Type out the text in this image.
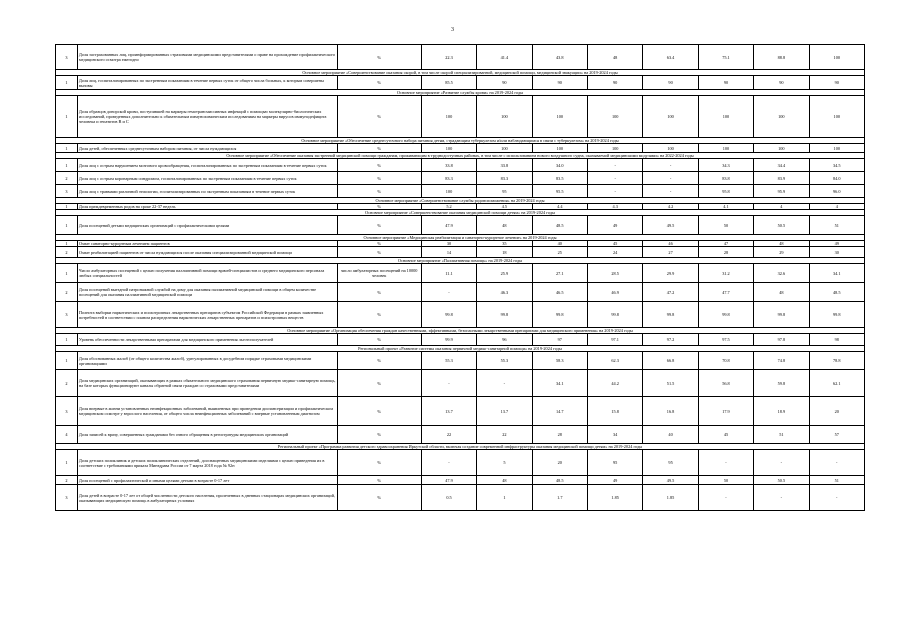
3
3	Доля застрахованных лиц, проинформированных страховыми медицинскими представителями о праве на прохождение профилактического медицинского осмотра ежегодно	%	22.3	41.4	43.8	48	63.4	75.1	88.8	100
Основное мероприятие «Совершенствование оказания скорой, в том числе скорой специализированной, медицинской помощи, медицинской эвакуации» на 2019-2024 годы										
1	Доля лиц, госпитализированных по экстренным показаниям в течение первых суток от общего числа больных, к которым совершены вызовы	%	85.5	90	90	90	90	90	90	90
Основное мероприятие «Развитие службы крови» на 2019-2024 годы										
1	Доля образцов донорской крови, поступившей на маркеры гемотрансмиссивных инфекций с помощью молекулярно-биологических исследований, проведенных дополнительно к обязательным иммунохимическим исследованиям на маркеры вирусов иммунодефицита человека и гепатитов В и С	%	100	100	100	100	100	100	100	100
Основное мероприятие «Обеспечение среднесуточного набора питания детям, страдающим туберкулезом и/или наблюдающимся в связи с туберкулезом» на 2019-2024 годы										
1	Доля детей, обеспеченных среднесуточным набором питания, от числа нуждающихся	%	100	100	100	100	100	100	100	100
Основное мероприятие «Обеспечение оказания экстренной медицинской помощи гражданам, проживающим в труднодоступных районах, в том числе с использованием нового воздушного судна, оказываемой медицинскими модулями» на 2022-2024 годы										
1	Доля лиц с острым нарушением мозгового кровообращения, госпитализированных по экстренным показаниям в течение первых суток	%	33.8	33.8	34.0	-	-	34.3	34.4	34.5
2	Доля лиц с острым коронарным синдромом, госпитализированных по экстренным показаниям в течение первых суток	%	83.3	83.3	83.5	-	-	83.8	83.9	84.0
3	Доля лиц с травмами различной этиологии, госпитализированных по экстренным показаниям в течение первых суток	%	100	95	95.5	-	-	95.8	95.9	96.0
Основное мероприятие «Совершенствование службы родовспоможения» на 2019-2024 годы										
1	Доля преждевременных родов на сроке 22-37 недель	%	5.2	4.5	4.4	4.3	4.2	4.1	4	4
Основное мероприятие «Совершенствование оказания медицинской помощи детям» на 2019-2024 годы										
1	Доля посещений детьми медицинских организаций с профилактическими целями	%	47.9	48	48.5	49	49.5	50	50.5	51
Основное мероприятие «Медицинская реабилитация и санаторно-курортное лечение» на 2019-2024 годы										
1	Охват санаторно-курортным лечением пациентов	%	30	35	40	45	46	47	48	49
2	Охват реабилитацией пациентов от числа нуждающихся после оказания специализированной медицинской помощи	%	14	18	25	24	27	28	29	30
Основное мероприятие «Паллиативная помощь» на 2019-2024 годы										
1	Число амбулаторных посещений с целью получения паллиативной помощи врачей-специалистов и среднего медицинского персонала любых специальностей	число амбулаторных посещений на 10000 человек	11.1	25.9	27.1	28.5	29.9	31.2	32.6	34.1
2	Доля посещений выездной патронажной службой на дому для оказания паллиативной медицинской помощи в общем количестве посещений для оказания паллиативной медицинской помощи	%	-	46.3	46.5	46.9	47.2	47.7	48	48.5
3	Полнота выборки наркотических и психотропных лекарственных препаратов субъектом Российской Федерации в рамках заявленных потребностей в соответствии с планом распределения наркотических лекарственных препаратов и психотропных веществ	%	99.8	99.8	99.8	99.8	99.8	99.8	99.8	99.8
Основное мероприятие «Организация обеспечения граждан качественными, эффективными, безопасными лекарственными препаратами для медицинского применения» на 2019-2024 годы										
1	Уровень обеспеченности лекарственными препаратами для медицинского применения льготополучателей	%	99.9	96	97	97.1	97.2	97.5	97.8	98
Региональный проект «Развитие системы оказания первичной медико-санитарной помощи» на 2019-2024 годы										
1	Доля обоснованных жалоб (от общего количества жалоб), урегулированных в досудебном порядке страховыми медицинскими организациями	%	55.3	55.3	58.3	62.3	66.8	70.8	74.8	78.8
2	Доля медицинских организаций, оказывающих в рамках обязательного медицинского страхования первичную медико-санитарную помощь, на базе которых функционируют каналы обратной связи граждан со страховыми представителями	%	-	-	34.1	44.2	51.5	56.8	59.8	62.1
3	Доля впервые в жизни установленных неинфекционных заболеваний, выявленных при проведении диспансеризации и профилактическом медицинском осмотре у взрослого населения, от общего числа неинфекционных заболеваний с впервые установленным диагнозом	%	13.7	13.7	14.7	15.8	16.8	17.9	18.9	20
4	Доля записей к врачу, совершенных гражданами без очного обращения в регистратуры медицинских организаций	%	22	22	28	34	40	45	51	57
Региональный проект «Программа развития детского здравоохранения Иркутской области, включая создание современной инфраструктуры оказания медицинской помощи детям» на 2019-2024 годы										
1	Доля детских поликлиник и детских поликлинических отделений, дооснащенных медицинскими изделиями с целью приведения их в соответствие с требованиями приказа Минздрава России от 7 марта 2018 года № 92н	%	-	5	20	95	95	-	-	-
2	Доля посещений с профилактической и иными целями детьми в возрасте 0-17 лет	%	47.9	48	48.5	49	49.5	50	50.5	51
3	Доля детей в возрасте 0-17 лет от общей численности детского населения, пролеченных в дневных стационарах медицинских организаций, оказывающих медицинскую помощь в амбулаторных условиях	%	0.5	1	1.7	1.85	1.85	-	-	-
